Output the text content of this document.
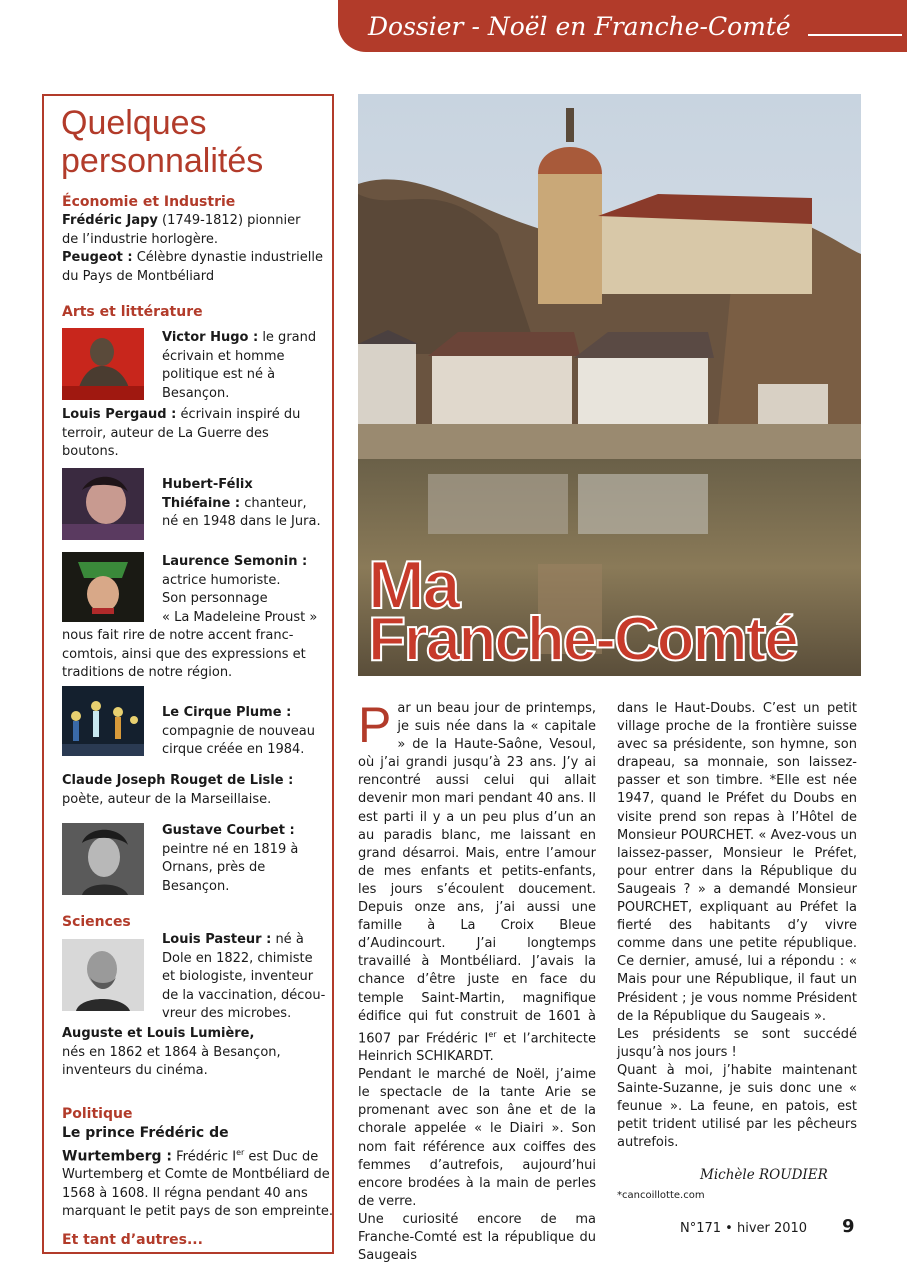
Dossier - Noël en Franche-Comté
Quelques
personnalités
Économie et Industrie
Frédéric Japy (1749-1812) pionnier
de l’industrie horlogère.
Peugeot : Célèbre dynastie industrielle
du Pays de Montbéliard
Arts et littérature
Victor Hugo : le grand
écrivain et homme
politique est né à
Besançon.
Louis Pergaud : écrivain inspiré du
terroir, auteur de La Guerre des
boutons.
Hubert-Félix
Thiéfaine : chanteur,
né en 1948 dans le Jura.
Laurence Semonin :
actrice humoriste.
Son personnage
« La Madeleine Proust »
nous fait rire de notre accent franc-
comtois, ainsi que des expressions et
traditions de notre région.
Le Cirque Plume :
compagnie de nouveau
cirque créée en 1984.
Claude Joseph Rouget de Lisle :
poète, auteur de la Marseillaise.
Gustave Courbet :
peintre né en 1819 à
Ornans, près de
Besançon.
Sciences
Louis Pasteur : né à
Dole en 1822, chimiste
et biologiste, inventeur
de la vaccination, décou-
vreur des microbes.
Auguste et Louis Lumière,
nés en 1862 et 1864 à Besançon,
inventeurs du cinéma.
Politique
Le prince Frédéric de
Wurtemberg : Frédéric Ier est Duc de
Wurtemberg et Comte de Montbéliard de
1568 à 1608. Il régna pendant 40 ans
marquant le petit pays de son empreinte.
Et tant d’autres...
Ma
Franche-Comté

Par un beau jour de printemps, je suis née dans la « capitale » de la Haute-Saône, Vesoul, où j’ai grandi jusqu’à 23 ans. J’y ai rencontré aussi celui qui allait devenir mon mari pendant 40 ans. Il est parti il y a un peu plus d’un an au paradis blanc, me laissant en grand désarroi. Mais, entre l’amour de mes enfants et petits-enfants, les jours s’écoulent doucement. Depuis onze ans, j’ai aussi une famille à La Croix Bleue d’Audincourt. J’ai longtemps travaillé à Montbéliard. J’avais la chance d’être juste en face du temple Saint-Martin, magnifique édifice qui fut construit de 1601 à 1607 par Frédéric Ier et l’architecte Heinrich SCHIKARDT.

Pendant le marché de Noël, j’aime le spectacle de la tante Arie se promenant avec son âne et de la chorale appelée « le Diairi ». Son nom fait référence aux coiffes des femmes d’autrefois, aujourd’hui encore brodées à la main de perles de verre.

Une curiosité encore de ma Franche-Comté est la république du Saugeais

dans le Haut-Doubs. C’est un petit village proche de la frontière suisse avec sa présidente, son hymne, son drapeau, sa monnaie, son laissez-passer et son timbre. *Elle est née 1947, quand le Préfet du Doubs en visite prend son repas à l’Hôtel de Monsieur POURCHET. « Avez-vous un laissez-passer, Monsieur le Préfet, pour entrer dans la République du Saugeais ? » a demandé Monsieur POURCHET, expliquant au Préfet la fierté des habitants d’y vivre comme dans une petite république. Ce dernier, amusé, lui a répondu : « Mais pour une République, il faut un Président ; je vous nomme Président de la République du Saugeais ».

Les présidents se sont succédé jusqu’à nos jours !

Quant à moi, j’habite maintenant Sainte-Suzanne, je suis donc une « feunue ». La feune, en patois, est petit trident utilisé par les pêcheurs autrefois.

Michèle ROUDIER
*cancoillotte.com
N°171 • hiver 2010 9
